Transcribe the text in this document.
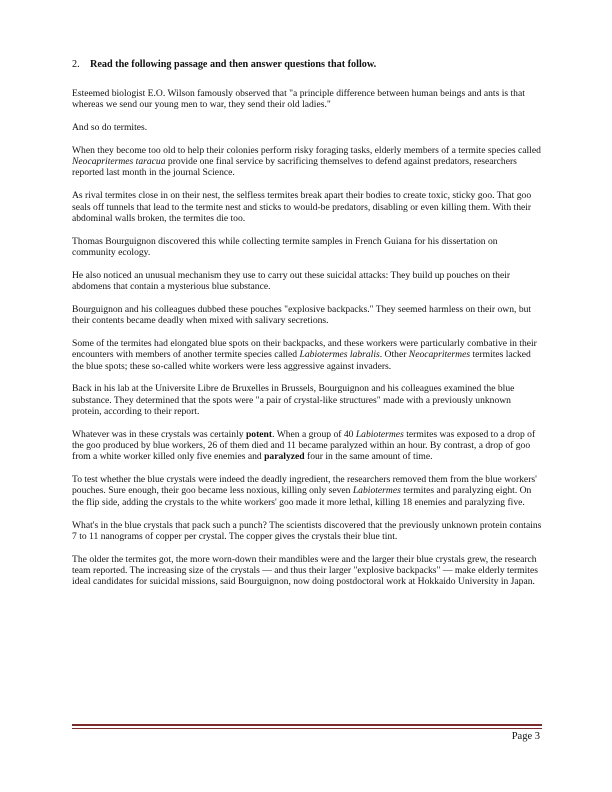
2. Read the following passage and then answer questions that follow.

Esteemed biologist E.O. Wilson famously observed that "a principle difference between human beings and ants is that whereas we send our young men to war, they send their old ladies."

And so do termites.

When they become too old to help their colonies perform risky foraging tasks, elderly members of a termite species called Neocapritermes taracua provide one final service by sacrificing themselves to defend against predators, researchers reported last month in the journal Science.

As rival termites close in on their nest, the selfless termites break apart their bodies to create toxic, sticky goo. That goo seals off tunnels that lead to the termite nest and sticks to would-be predators, disabling or even killing them. With their abdominal walls broken, the termites die too.

Thomas Bourguignon discovered this while collecting termite samples in French Guiana for his dissertation on community ecology.

He also noticed an unusual mechanism they use to carry out these suicidal attacks: They build up pouches on their abdomens that contain a mysterious blue substance.

Bourguignon and his colleagues dubbed these pouches "explosive backpacks." They seemed harmless on their own, but their contents became deadly when mixed with salivary secretions.

Some of the termites had elongated blue spots on their backpacks, and these workers were particularly combative in their encounters with members of another termite species called Labiotermes labralis. Other Neocapritermes termites lacked the blue spots; these so-called white workers were less aggressive against invaders.

Back in his lab at the Universite Libre de Bruxelles in Brussels, Bourguignon and his colleagues examined the blue substance. They determined that the spots were "a pair of crystal-like structures" made with a previously unknown protein, according to their report.

Whatever was in these crystals was certainly potent. When a group of 40 Labiotermes termites was exposed to a drop of the goo produced by blue workers, 26 of them died and 11 became paralyzed within an hour. By contrast, a drop of goo from a white worker killed only five enemies and paralyzed four in the same amount of time.

To test whether the blue crystals were indeed the deadly ingredient, the researchers removed them from the blue workers' pouches. Sure enough, their goo became less noxious, killing only seven Labiotermes termites and paralyzing eight. On the flip side, adding the crystals to the white workers' goo made it more lethal, killing 18 enemies and paralyzing five.

What's in the blue crystals that pack such a punch? The scientists discovered that the previously unknown protein contains 7 to 11 nanograms of copper per crystal. The copper gives the crystals their blue tint.

The older the termites got, the more worn-down their mandibles were and the larger their blue crystals grew, the research team reported. The increasing size of the crystals — and thus their larger "explosive backpacks" — make elderly termites ideal candidates for suicidal missions, said Bourguignon, now doing postdoctoral work at Hokkaido University in Japan.

Page 3
